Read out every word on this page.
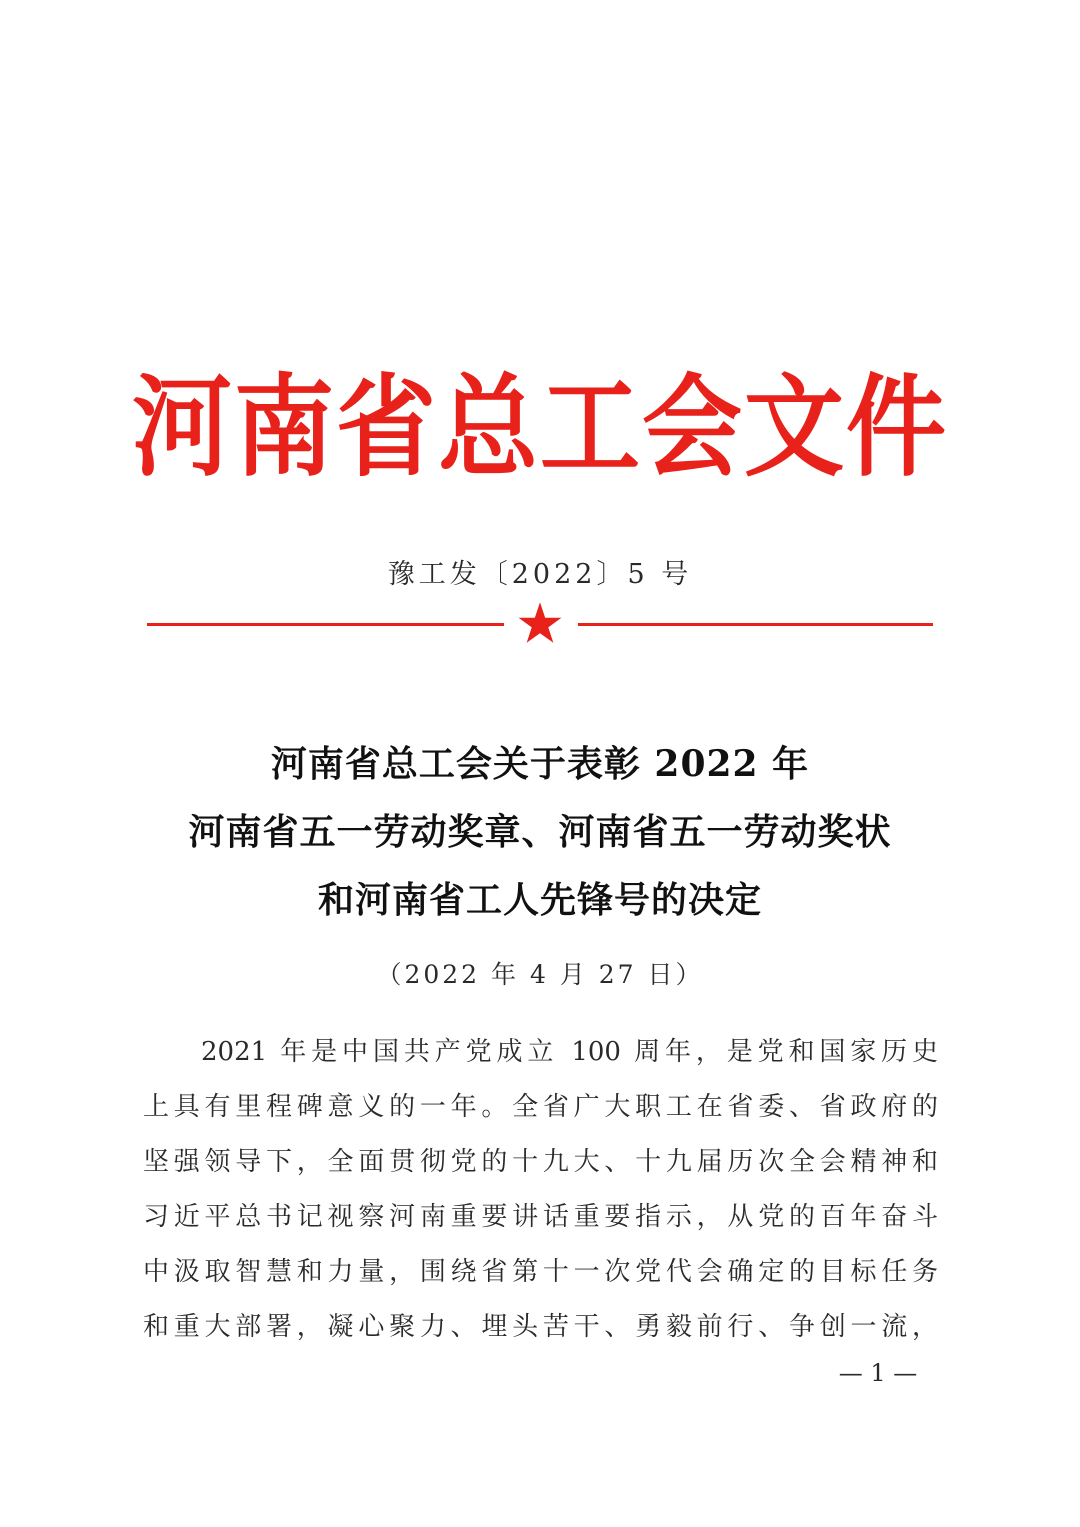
河南省总工会文件
豫工发〔2022〕5 号
河南省总工会关于表彰 2022 年
河南省五一劳动奖章、河南省五一劳动奖状
和河南省工人先锋号的决定
（2022 年 4 月 27 日）
2021 年是中国共产党成立 100 周年，是党和国家历史
上具有里程碑意义的一年。全省广大职工在省委、省政府的
坚强领导下，全面贯彻党的十九大、十九届历次全会精神和
习近平总书记视察河南重要讲话重要指示，从党的百年奋斗
中汲取智慧和力量，围绕省第十一次党代会确定的目标任务
和重大部署，凝心聚力、埋头苦干、勇毅前行、争创一流，
— 1 —
